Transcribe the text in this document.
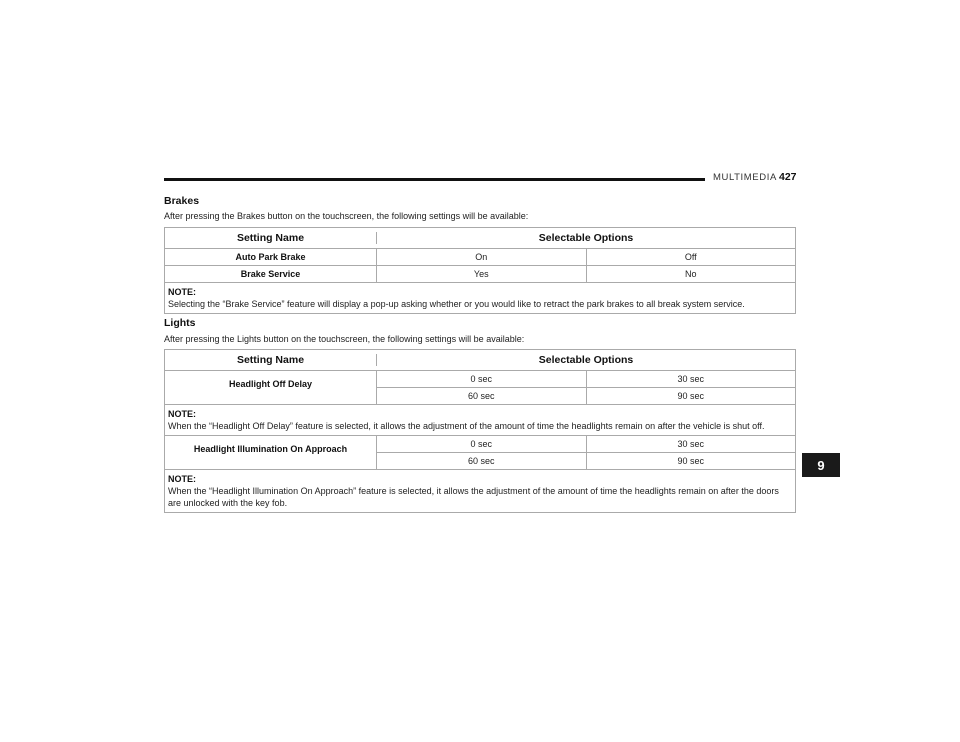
MULTIMEDIA 427
Brakes
After pressing the Brakes button on the touchscreen, the following settings will be available:
Setting Name	Selectable Options
Auto Park Brake	On	Off
Brake Service	Yes	No
NOTE:
Selecting the “Brake Service” feature will display a pop-up asking whether or you would like to retract the park brakes to all break system service.
Lights
After pressing the Lights button on the touchscreen, the following settings will be available:
Setting Name	Selectable Options
Headlight Off Delay	0 sec	30 sec
60 sec	90 sec
NOTE:
When the “Headlight Off Delay” feature is selected, it allows the adjustment of the amount of time the headlights remain on after the vehicle is shut off.
Headlight Illumination On Approach	0 sec	30 sec
60 sec	90 sec
NOTE:
When the “Headlight Illumination On Approach” feature is selected, it allows the adjustment of the amount of time the headlights remain on after the doors are unlocked with the key fob.
9
